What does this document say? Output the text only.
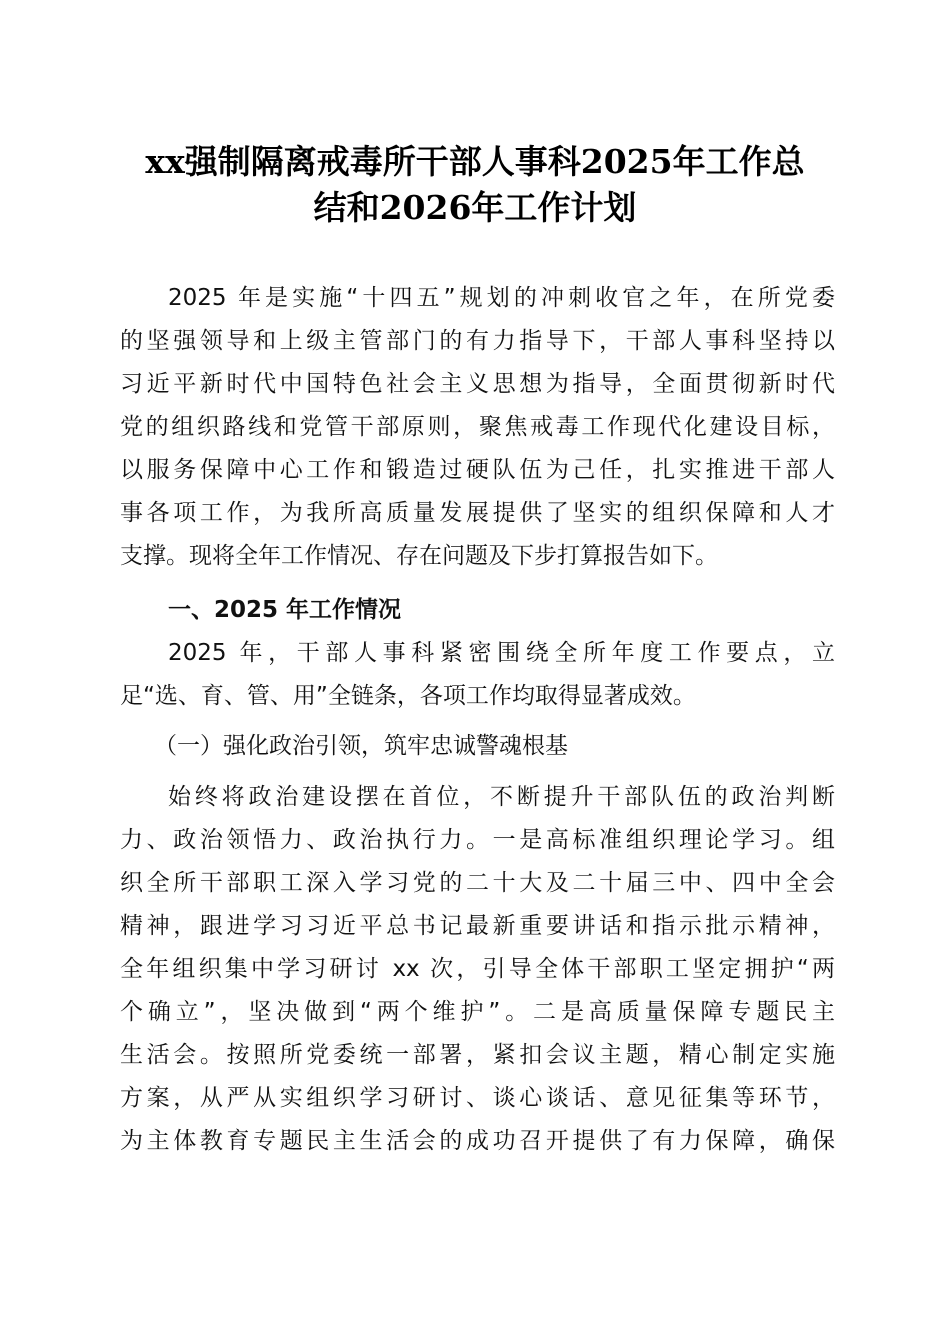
xx强制隔离戒毒所干部人事科2025年工作总
结和2026年工作计划
2025 年是实施“十四五”规划的冲刺收官之年，在所党委
的坚强领导和上级主管部门的有力指导下，干部人事科坚持以
习近平新时代中国特色社会主义思想为指导，全面贯彻新时代
党的组织路线和党管干部原则，聚焦戒毒工作现代化建设目标，
以服务保障中心工作和锻造过硬队伍为己任，扎实推进干部人
事各项工作，为我所高质量发展提供了坚实的组织保障和人才
支撑。现将全年工作情况、存在问题及下步打算报告如下。
一、2025 年工作情况
2025 年，干部人事科紧密围绕全所年度工作要点，立
足“选、育、管、用”全链条，各项工作均取得显著成效。
（一）强化政治引领，筑牢忠诚警魂根基
始终将政治建设摆在首位，不断提升干部队伍的政治判断
力、政治领悟力、政治执行力。一是高标准组织理论学习。组
织全所干部职工深入学习党的二十大及二十届三中、四中全会
精神，跟进学习习近平总书记最新重要讲话和指示批示精神，
全年组织集中学习研讨 xx 次，引导全体干部职工坚定拥护“两
个确立”，坚决做到“两个维护”。二是高质量保障专题民主
生活会。按照所党委统一部署，紧扣会议主题，精心制定实施
方案，从严从实组织学习研讨、谈心谈话、意见征集等环节，
为主体教育专题民主生活会的成功召开提供了有力保障，确保
